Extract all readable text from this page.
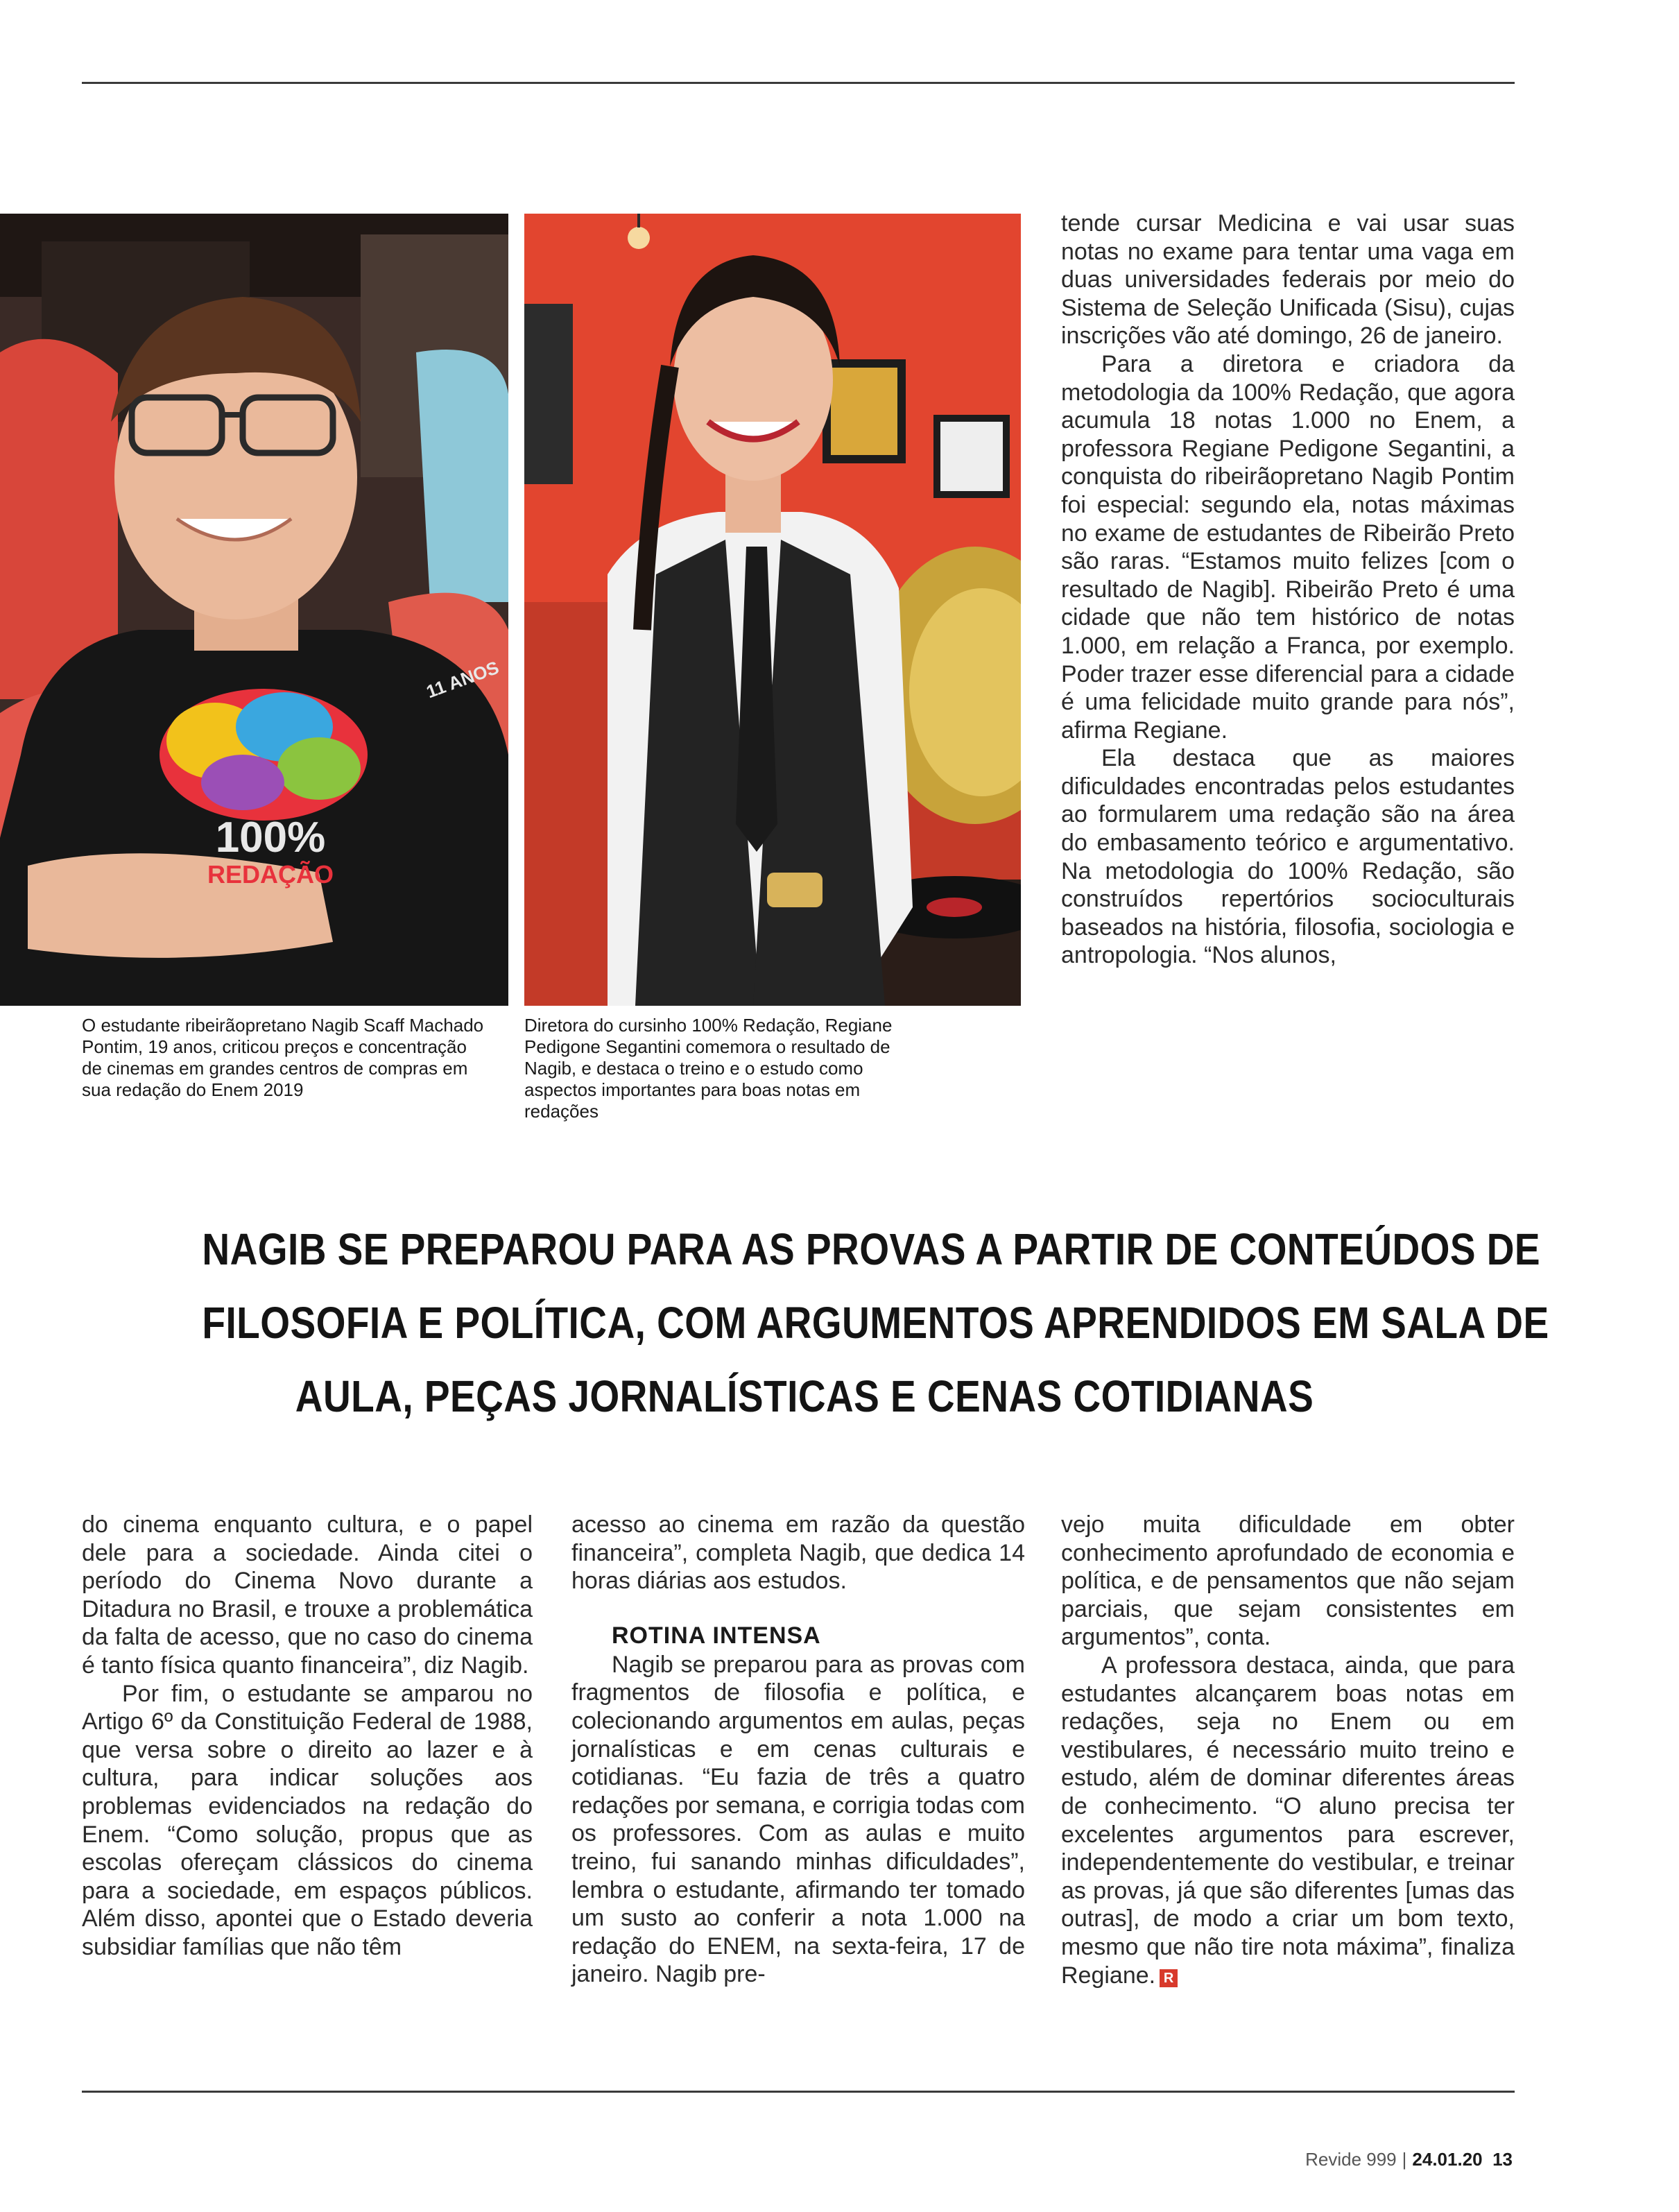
100%
REDAÇÃO
11 ANOS
O estudante ribeirãopretano Nagib Scaff Machado Pontim, 19 anos, criticou preços e concentração de cinemas em grandes centros de compras em sua redação do Enem 2019
Diretora do cursinho 100% Redação, Regiane Pedigone Segantini comemora o resultado de Nagib, e destaca o treino e o estudo como aspectos importantes para boas notas em redações

tende cursar Medicina e vai usar suas notas no exame para tentar uma vaga em duas universidades federais por meio do Sistema de Seleção Unificada (Sisu), cujas inscrições vão até domingo, 26 de janeiro.

Para a diretora e criadora da metodologia da 100% Redação, que agora acumula 18 notas 1.000 no Enem, a professora Regiane Pedigone Segantini, a conquista do ribeirãopretano Nagib Pontim foi especial: segundo ela, notas máximas no exame de estudantes de Ribeirão Preto são raras. “Estamos muito felizes [com o resultado de Nagib]. Ribeirão Preto é uma cidade que não tem histórico de notas 1.000, em relação a Franca, por exemplo. Poder trazer esse diferencial para a cidade é uma felicidade muito grande para nós”, afirma Regiane.

Ela destaca que as maiores dificuldades encontradas pelos estudantes ao formularem uma redação são na área do embasamento teórico e argumentativo. Na metodologia do 100% Redação, são construídos repertórios socioculturais baseados na história, filosofia, sociologia e antropologia. “Nos alunos,

NAGIB SE PREPAROU PARA AS PROVAS A PARTIR DE CONTEÚDOS DE
FILOSOFIA E POLÍTICA, COM ARGUMENTOS APRENDIDOS EM SALA DE
AULA, PEÇAS JORNALÍSTICAS E CENAS COTIDIANAS

do cinema enquanto cultura, e o papel dele para a sociedade. Ainda citei o período do Cinema Novo durante a Ditadura no Brasil, e trouxe a problemática da falta de acesso, que no caso do cinema é tanto física quanto financeira”, diz Nagib.

Por fim, o estudante se amparou no Artigo 6º da Constituição Federal de 1988, que versa sobre o direito ao lazer e à cultura, para indicar soluções aos problemas evidenciados na redação do Enem. “Como solução, propus que as escolas ofereçam clássicos do cinema para a sociedade, em espaços públicos. Além disso, apontei que o Estado deveria subsidiar famílias que não têm

acesso ao cinema em razão da questão financeira”, completa Nagib, que dedica 14 horas diárias aos estudos.

ROTINA INTENSA

Nagib se preparou para as provas com fragmentos de filosofia e política, e colecionando argumentos em aulas, peças jornalísticas e em cenas culturais e cotidianas. “Eu fazia de três a quatro redações por semana, e corrigia todas com os professores. Com as aulas e muito treino, fui sanando minhas dificuldades”, lembra o estudante, afirmando ter tomado um susto ao conferir a nota 1.000 na redação do ENEM, na sexta-feira, 17 de janeiro. Nagib pre-

vejo muita dificuldade em obter conhecimento aprofundado de economia e política, e de pensamentos que não sejam parciais, que sejam consistentes em argumentos”, conta.

A professora destaca, ainda, que para estudantes alcançarem boas notas em redações, seja no Enem ou em vestibulares, é necessário muito treino e estudo, além de dominar diferentes áreas de conhecimento. “O aluno precisa ter excelentes argumentos para escrever, independentemente do vestibular, e treinar as provas, já que são diferentes [umas das outras], de modo a criar um bom texto, mesmo que não tire nota máxima”, finaliza Regiane. R

Revide 999 | 24.01.20 13
